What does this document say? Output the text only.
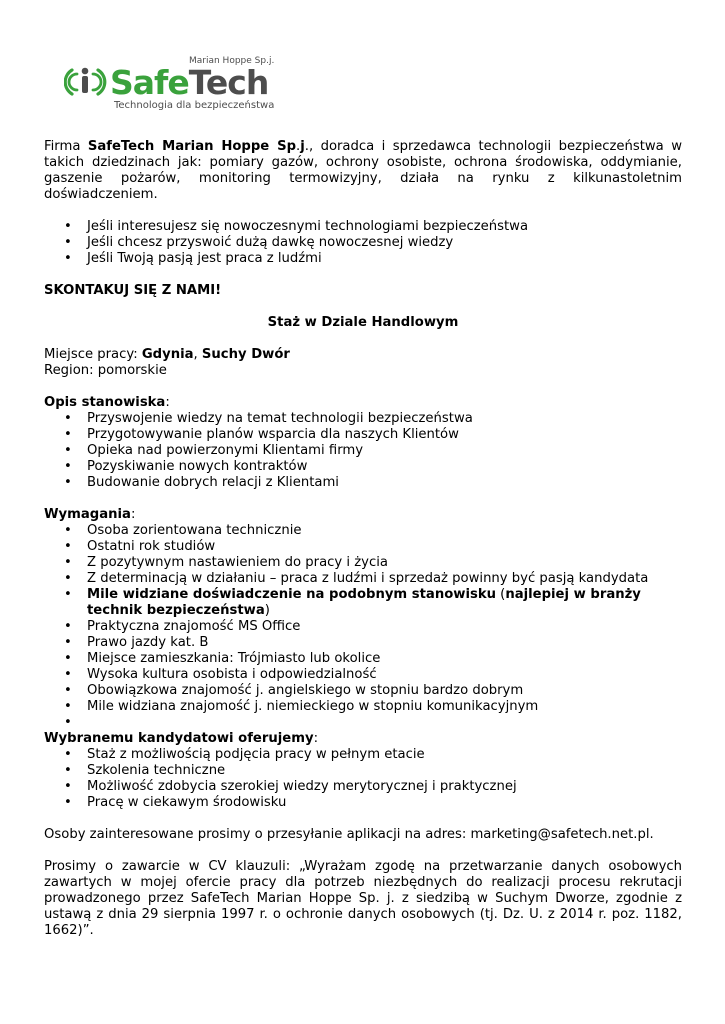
Marian Hoppe Sp.j.
SafeTech
Technologia dla bezpieczeństwa

Firma SafeTech Marian Hoppe Sp.j., doradca i sprzedawca technologii bezpieczeństwa w takich dziedzinach jak: pomiary gazów, ochrony osobiste, ochrona środowiska, oddymianie, gaszenie pożarów, monitoring termowizyjny, działa na rynku z kilkunastoletnim doświadczeniem.

• Jeśli interesujesz się nowoczesnymi technologiami bezpieczeństwa
• Jeśli chcesz przyswoić dużą dawkę nowoczesnej wiedzy
• Jeśli Twoją pasją jest praca z ludźmi

SKONTAKUJ SIĘ Z NAMI!

Staż w Dziale Handlowym

Miejsce pracy: Gdynia, Suchy Dwór

Region: pomorskie

Opis stanowiska:

• Przyswojenie wiedzy na temat technologii bezpieczeństwa
• Przygotowywanie planów wsparcia dla naszych Klientów
• Opieka nad powierzonymi Klientami firmy
• Pozyskiwanie nowych kontraktów
• Budowanie dobrych relacji z Klientami

Wymagania:

• Osoba zorientowana technicznie
• Ostatni rok studiów
• Z pozytywnym nastawieniem do pracy i życia
• Z determinacją w działaniu – praca z ludźmi i sprzedaż powinny być pasją kandydata
• Mile widziane doświadczenie na podobnym stanowisku (najlepiej w branży technik bezpieczeństwa)
• Praktyczna znajomość MS Office
• Prawo jazdy kat. B
• Miejsce zamieszkania: Trójmiasto lub okolice
• Wysoka kultura osobista i odpowiedzialność
• Obowiązkowa znajomość j. angielskiego w stopniu bardzo dobrym
• Mile widziana znajomość j. niemieckiego w stopniu komunikacyjnym
•

Wybranemu kandydatowi oferujemy:

• Staż z możliwością podjęcia pracy w pełnym etacie
• Szkolenia techniczne
• Możliwość zdobycia szerokiej wiedzy merytorycznej i praktycznej
• Pracę w ciekawym środowisku

Osoby zainteresowane prosimy o przesyłanie aplikacji na adres: marketing@safetech.net.pl.

Prosimy o zawarcie w CV klauzuli: „Wyrażam zgodę na przetwarzanie danych osobowych zawartych w mojej ofercie pracy dla potrzeb niezbędnych do realizacji procesu rekrutacji prowadzonego przez SafeTech Marian Hoppe Sp. j. z siedzibą w Suchym Dworze, zgodnie z ustawą z dnia 29 sierpnia 1997 r. o ochronie danych osobowych (tj. Dz. U. z 2014 r. poz. 1182, 1662)”.
